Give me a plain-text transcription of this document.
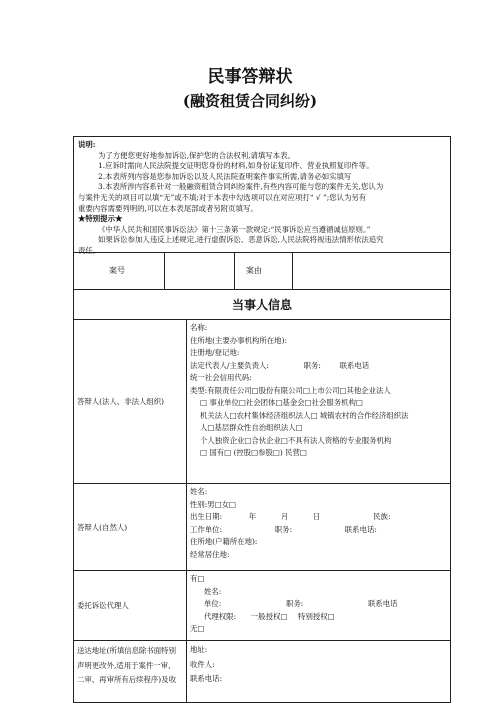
民事答辩状
(融资租赁合同纠纷)
说明:
为了方便您更好地参加诉讼,保护您的合法权利,请填写本表。
1.应诉时需向人民法院提交证明您身份的材料,如身份证复印件、营业执照复印件等。
2.本表所列内容是您参加诉讼以及人民法院查明案件事实所需,请务必如实填写
3.本表所涉内容系针对一般融资租赁合同纠纷案件,有些内容可能与您的案件无关,您认为
与案件无关的项目可以填“无”或不填;对于本表中勾选项可以在对应项打“ √ ”;您认为另有
重要内容需要列明的,可以在本表尾部或者另附页填写。
★特别提示★
《中华人民共和国民事诉讼法》第十三条第一款规定:“民事诉讼应当遵循诚信原则。”
如果诉讼参加人违反上述规定,进行虚假诉讼、恶意诉讼,人民法院将视违法情形依法追究
责任。
案号	案由
当事人信息
答辩人(法人、非法人组织)
名称:
住所地(主要办事机构所在地):
注册地/登记地:
法定代表人/主要负责人:	职务:	联系电话
统一社会信用代码:
类型:有限责任公司□股份有限公司□上市公司□其他企业法人
□ 事业单位□社会团体□基金会□社会服务机构□
机关法人□农村集体经济组织法人□ 城镇农村的合作经济组织法
人□基层群众性自治组织法人□
个人独资企业□合伙企业□不具有法人资格的专业服务机构
□ 国有□ (控股□参股□) 民营□
答辩人(自然人)
姓名:
性别:男□女□
出生日期:	年	月	日	民族:
工作单位:	职务:	联系电话:
住所地(户籍所在地):
经常居住地:
委托诉讼代理人
有□
姓名:
单位:	职务:	联系电话
代理权限: 一般授权□ 特别授权□
无□
送达地址(所填信息除书面特别
声明更改外,适用于案件一审、
二审、再审所有后续程序)及收
地址:
收件人:
联系电话:
